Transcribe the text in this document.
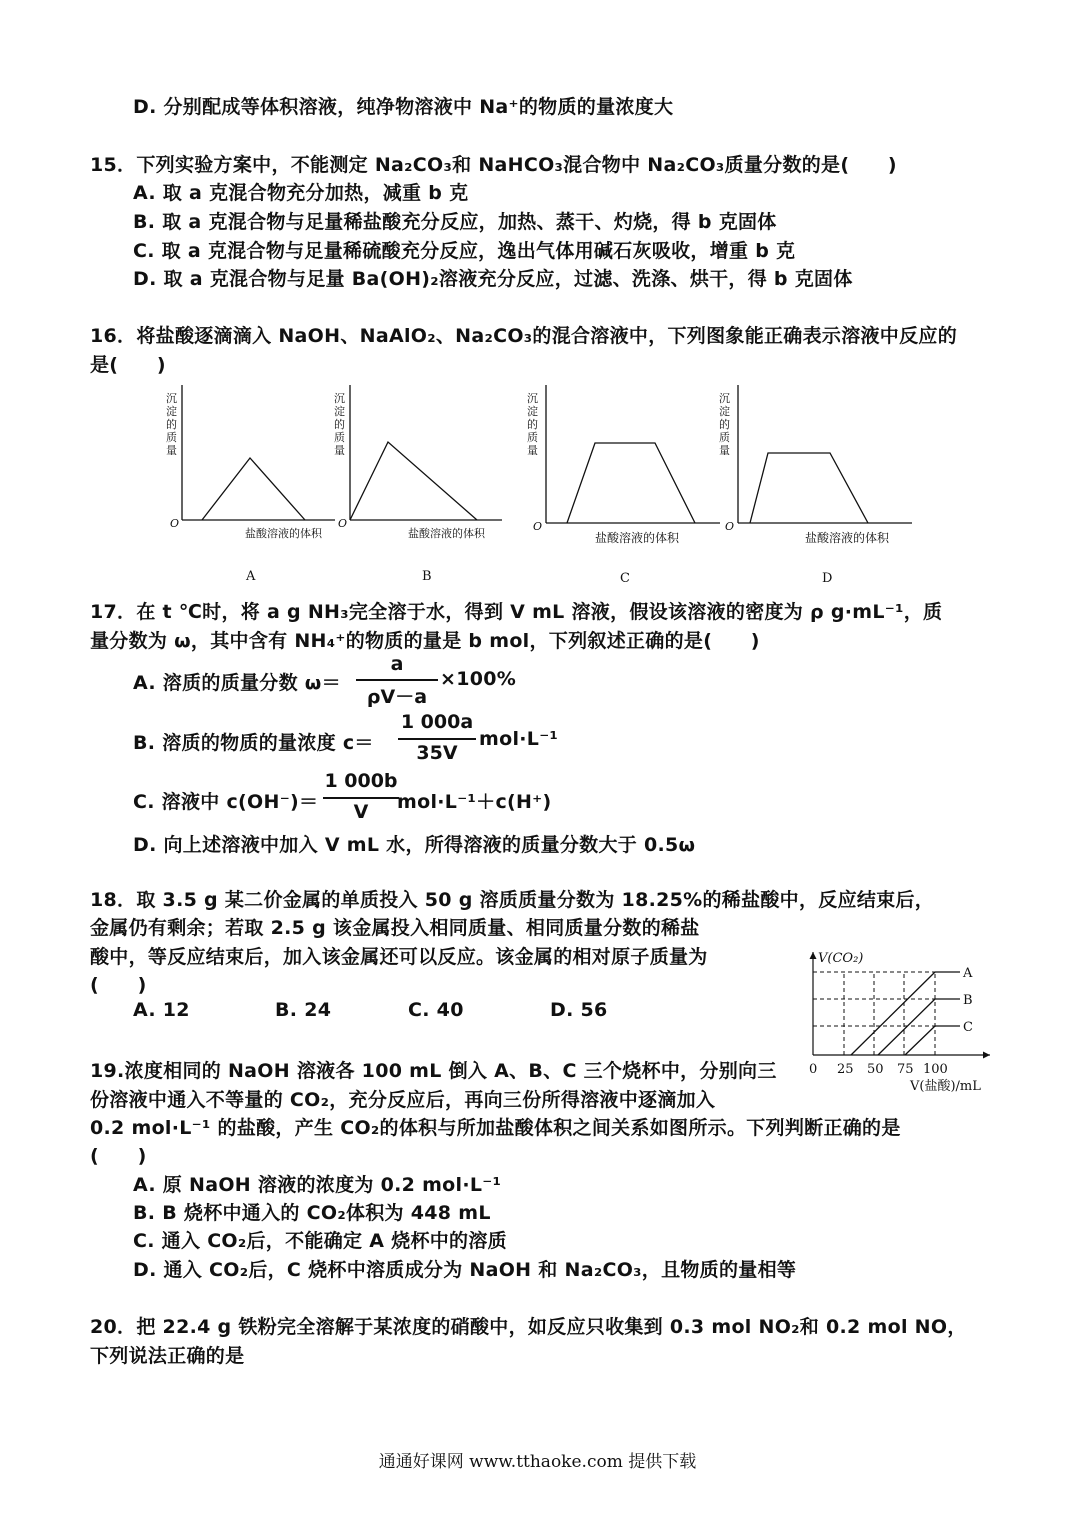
D. 分别配成等体积溶液，纯净物溶液中 Na⁺的物质的量浓度大
15．下列实验方案中，不能测定 Na₂CO₃和 NaHCO₃混合物中 Na₂CO₃质量分数的是(　　)
A. 取 a 克混合物充分加热，减重 b 克
B. 取 a 克混合物与足量稀盐酸充分反应，加热、蒸干、灼烧，得 b 克固体
C. 取 a 克混合物与足量稀硫酸充分反应，逸出气体用碱石灰吸收，增重 b 克
D. 取 a 克混合物与足量 Ba(OH)₂溶液充分反应，过滤、洗涤、烘干，得 b 克固体
16．将盐酸逐滴滴入 NaOH、NaAlO₂、Na₂CO₃的混合溶液中，下列图象能正确表示溶液中反应的
是(　　)
沉
淀
的
质
量
沉
淀
的
质
量
沉
淀
的
质
量
沉
淀
的
质
量
O	O	O	O
盐酸溶液的体积	盐酸溶液的体积	盐酸溶液的体积	盐酸溶液的体积
A	B	C	D
17．在 t ℃时，将 a g NH₃完全溶于水，得到 V mL 溶液，假设该溶液的密度为 ρ g·mL⁻¹，质
量分数为 ω，其中含有 NH₄⁺的物质的量是 b mol，下列叙述正确的是(　　)
A. 溶质的质量分数 ω＝
a
ρV－a
×100%
B. 溶质的物质的量浓度 c＝
1 000a
35V
mol·L⁻¹
C. 溶液中 c(OH⁻)＝
1 000b
V	mol·L⁻¹＋c(H⁺)
D. 向上述溶液中加入 V mL 水，所得溶液的质量分数大于 0.5ω
18．取 3.5 g 某二价金属的单质投入 50 g 溶质质量分数为 18.25%的稀盐酸中，反应结束后，
金属仍有剩余；若取 2.5 g 该金属投入相同质量、相同质量分数的稀盐
酸中，等反应结束后，加入该金属还可以反应。该金属的相对原子质量为
(　　)
A. 12	B. 24	C. 40	D. 56
V(CO₂)
A
B
C
0 25 50 75 100
V(盐酸)/mL
19.浓度相同的 NaOH 溶液各 100 mL 倒入 A、B、C 三个烧杯中，分别向三
份溶液中通入不等量的 CO₂，充分反应后，再向三份所得溶液中逐滴加入
0.2 mol·L⁻¹ 的盐酸，产生 CO₂的体积与所加盐酸体积之间关系如图所示。下列判断正确的是
(　　)
A. 原 NaOH 溶液的浓度为 0.2 mol·L⁻¹
B. B 烧杯中通入的 CO₂体积为 448 mL
C. 通入 CO₂后，不能确定 A 烧杯中的溶质
D. 通入 CO₂后，C 烧杯中溶质成分为 NaOH 和 Na₂CO₃，且物质的量相等
20．把 22.4 g 铁粉完全溶解于某浓度的硝酸中，如反应只收集到 0.3 mol NO₂和 0.2 mol NO，
下列说法正确的是
通通好课网 www.tthaoke.com 提供下载
